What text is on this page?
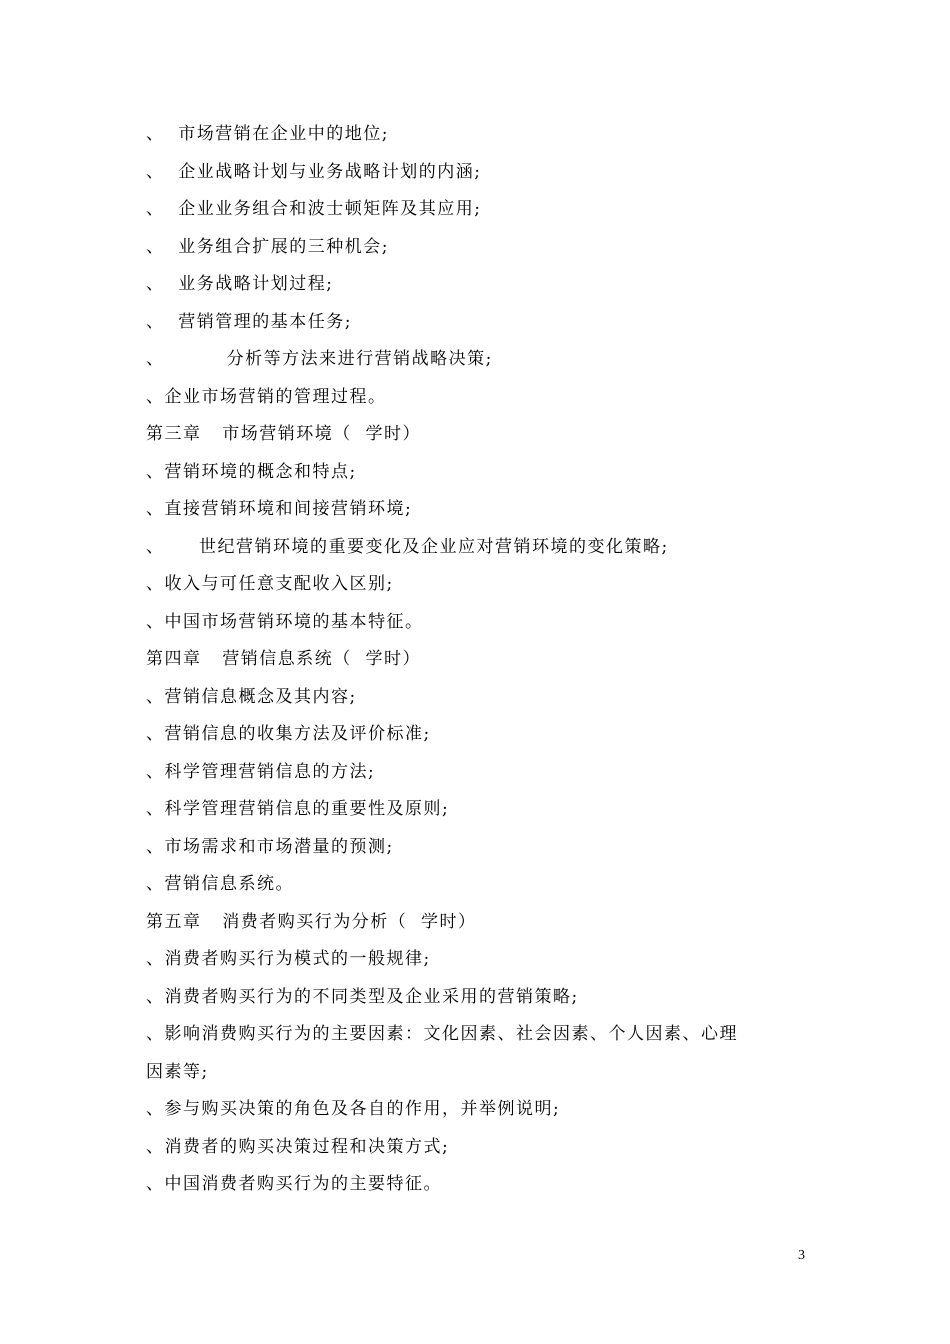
、  市场营销在企业中的地位;
、  企业战略计划与业务战略计划的内涵;
、  企业业务组合和波士顿矩阵及其应用;
、  业务组合扩展的三种机会;
、  业务战略计划过程;
、  营销管理的基本任务;
、         分析等方法来进行营销战略决策;
、企业市场营销的管理过程。
第三章   市场营销环境（  学时）
、营销环境的概念和特点;
、直接营销环境和间接营销环境;
、     世纪营销环境的重要变化及企业应对营销环境的变化策略;
、收入与可任意支配收入区别;
、中国市场营销环境的基本特征。
第四章   营销信息系统（  学时）
、营销信息概念及其内容;
、营销信息的收集方法及评价标准;
、科学管理营销信息的方法;
、科学管理营销信息的重要性及原则;
、市场需求和市场潜量的预测;
、营销信息系统。
第五章   消费者购买行为分析（  学时）
、消费者购买行为模式的一般规律;
、消费者购买行为的不同类型及企业采用的营销策略;
、影响消费购买行为的主要因素：文化因素、社会因素、个人因素、心理
因素等;
、参与购买决策的角色及各自的作用，并举例说明;
、消费者的购买决策过程和决策方式;
、中国消费者购买行为的主要特征。
3
